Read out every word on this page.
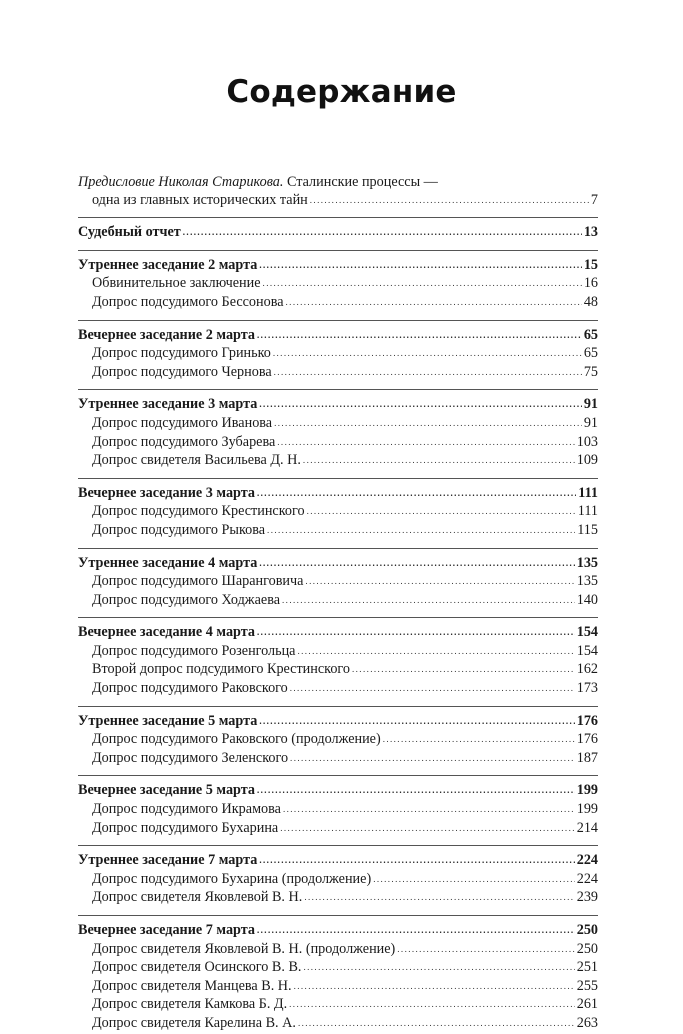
Содержание
Предисловие Николая Старикова. Сталинские процессы —
одна из главных исторических тайн .....	7
Судебный отчет .....	13
Утреннее заседание 2 марта .....	15
Обвинительное заключение .....	16
Допрос подсудимого Бессонова .....	48
Вечернее заседание 2 марта .....	65
Допрос подсудимого Гринько .....	65
Допрос подсудимого Чернова .....	75
Утреннее заседание 3 марта .....	91
Допрос подсудимого Иванова .....	91
Допрос подсудимого Зубарева .....	103
Допрос свидетеля Васильева Д. Н. .....	109
Вечернее заседание 3 марта .....	111
Допрос подсудимого Крестинского .....	111
Допрос подсудимого Рыкова .....	115
Утреннее заседание 4 марта .....	135
Допрос подсудимого Шаранговича .....	135
Допрос подсудимого Ходжаева .....	140
Вечернее заседание 4 марта .....	154
Допрос подсудимого Розенгольца .....	154
Второй допрос подсудимого Крестинского .....	162
Допрос подсудимого Раковского .....	173
Утреннее заседание 5 марта .....	176
Допрос подсудимого Раковского (продолжение) .....	176
Допрос подсудимого Зеленского .....	187
Вечернее заседание 5 марта .....	199
Допрос подсудимого Икрамова .....	199
Допрос подсудимого Бухарина .....	214
Утреннее заседание 7 марта .....	224
Допрос подсудимого Бухарина (продолжение) .....	224
Допрос свидетеля Яковлевой В. Н. .....	239
Вечернее заседание 7 марта .....	250
Допрос свидетеля Яковлевой В. Н. (продолжение) .....	250
Допрос свидетеля Осинского В. В. .....	251
Допрос свидетеля Манцева В. Н. .....	255
Допрос свидетеля Камкова Б. Д. .....	261
Допрос свидетеля Карелина В. А. .....	263
